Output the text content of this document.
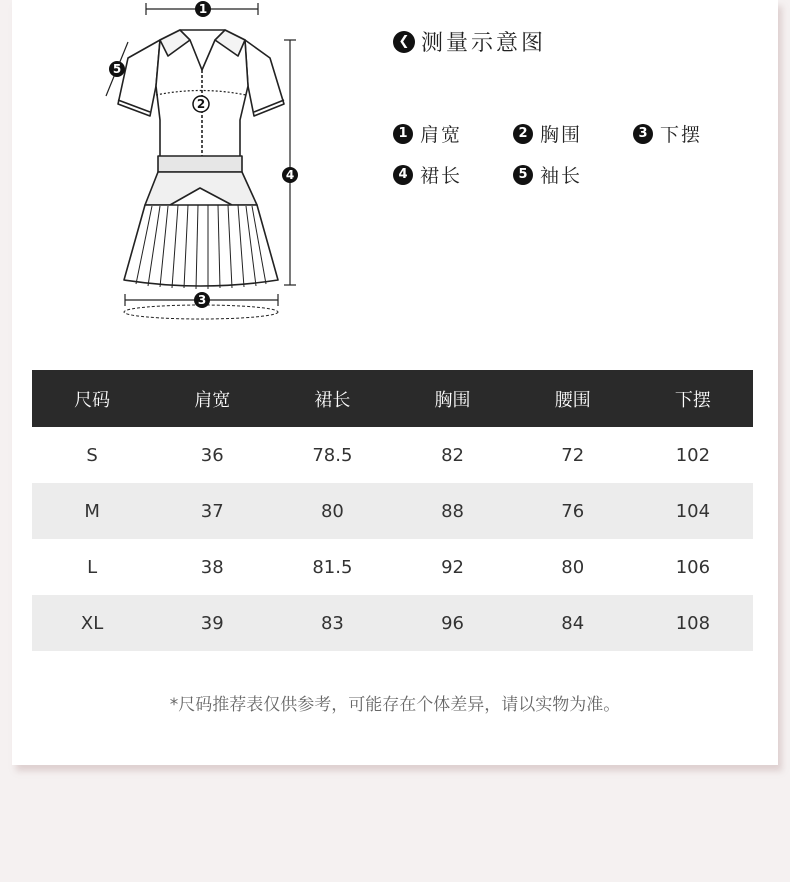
1
2
3
4
5
❮ 测量示意图
1 肩宽	2 胸围	3 下摆
4 裙长	5 袖长
尺码	肩宽	裙长	胸围	腰围	下摆
S	36	78.5	82	72	102
M	37	80	88	76	104
L	38	81.5	92	80	106
XL	39	83	96	84	108
*尺码推荐表仅供参考，可能存在个体差异，请以实物为准。
